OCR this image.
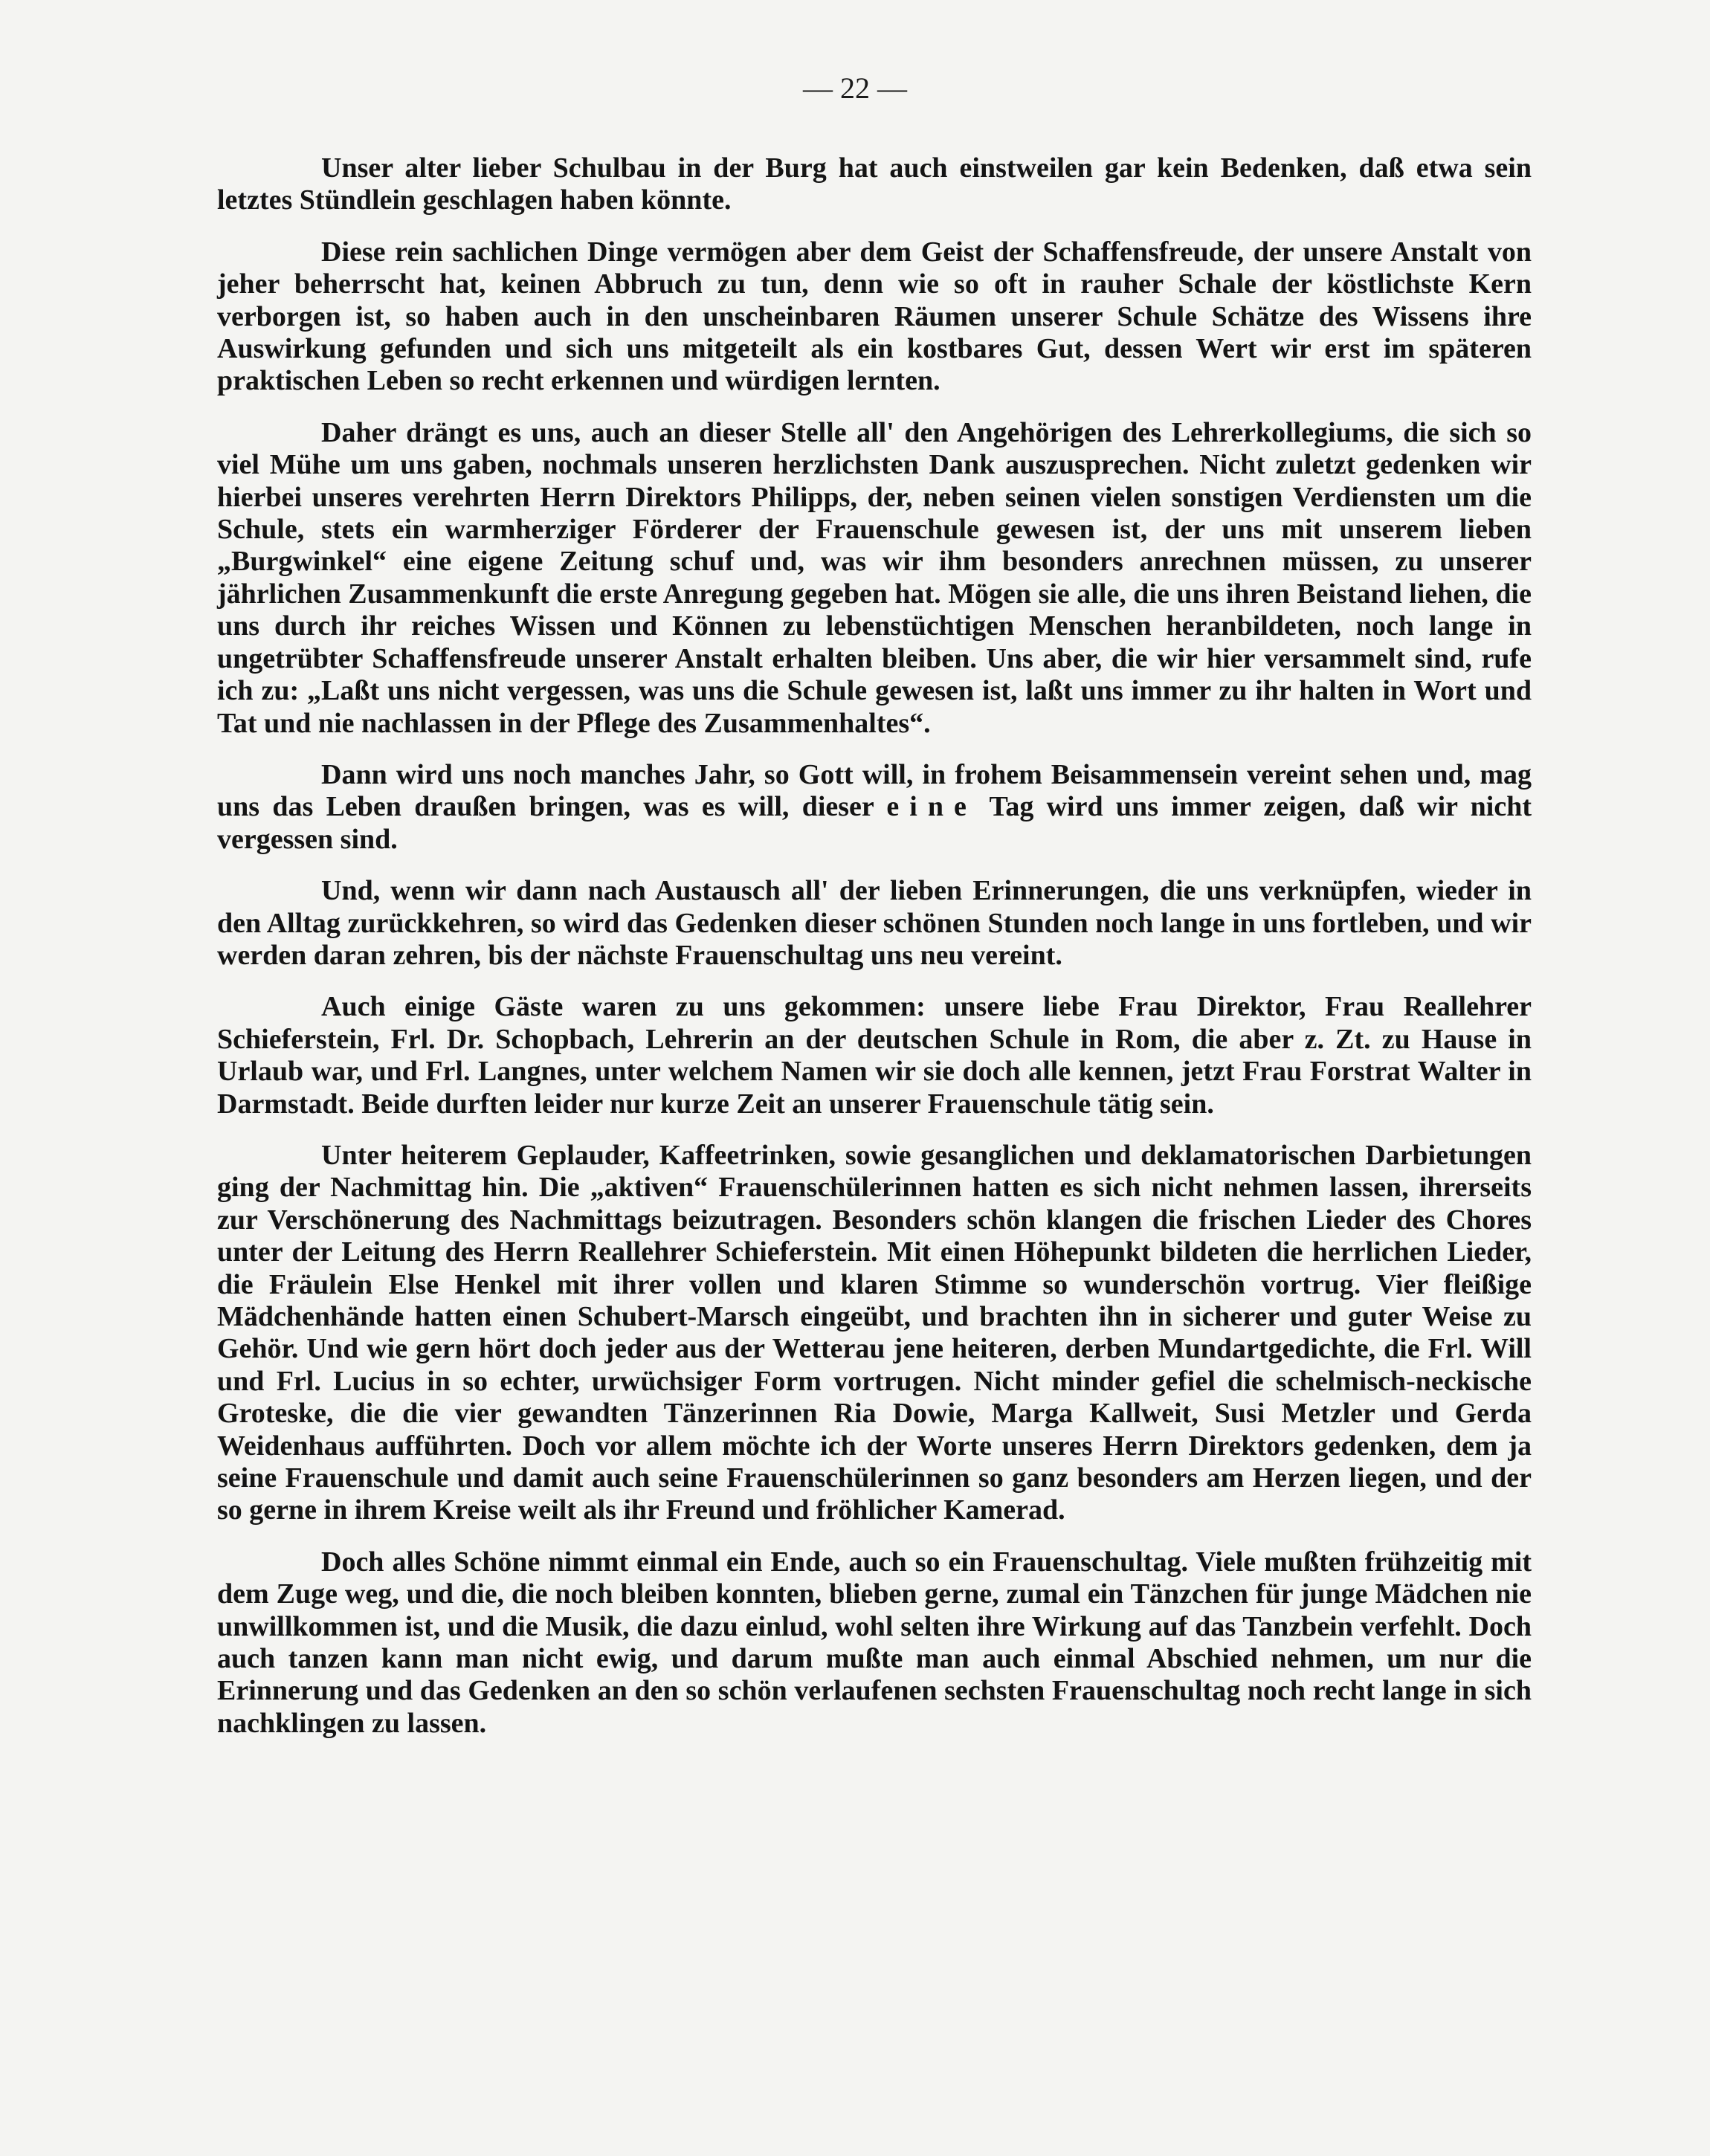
— 22 —

Unser alter lieber Schulbau in der Burg hat auch einstweilen gar kein Bedenken, daß etwa sein letztes Stündlein geschlagen haben könnte.

Diese rein sachlichen Dinge vermögen aber dem Geist der Schaffensfreude, der unsere Anstalt von jeher beherrscht hat, keinen Abbruch zu tun, denn wie so oft in rauher Schale der köstlichste Kern verborgen ist, so haben auch in den unscheinbaren Räumen unserer Schule Schätze des Wissens ihre Auswirkung gefunden und sich uns mitgeteilt als ein kostbares Gut, dessen Wert wir erst im späteren praktischen Leben so recht erkennen und würdigen lernten.

Daher drängt es uns, auch an dieser Stelle all' den Angehörigen des Lehrerkollegiums, die sich so viel Mühe um uns gaben, nochmals unseren herzlichsten Dank auszusprechen. Nicht zuletzt gedenken wir hierbei unseres verehrten Herrn Direktors Philipps, der, neben seinen vielen sonstigen Verdiensten um die Schule, stets ein warmherziger Förderer der Frauenschule gewesen ist, der uns mit unserem lieben „Burgwinkel“ eine eigene Zeitung schuf und, was wir ihm besonders anrechnen müssen, zu unserer jährlichen Zusammenkunft die erste Anregung gegeben hat. Mögen sie alle, die uns ihren Beistand liehen, die uns durch ihr reiches Wissen und Können zu lebenstüchtigen Menschen heranbildeten, noch lange in ungetrübter Schaffensfreude unserer Anstalt erhalten bleiben. Uns aber, die wir hier versammelt sind, rufe ich zu: „Laßt uns nicht vergessen, was uns die Schule gewesen ist, laßt uns immer zu ihr halten in Wort und Tat und nie nachlassen in der Pflege des Zusammenhaltes“.

Dann wird uns noch manches Jahr, so Gott will, in frohem Beisammensein vereint sehen und, mag uns das Leben draußen bringen, was es will, dieser eine Tag wird uns immer zeigen, daß wir nicht vergessen sind.

Und, wenn wir dann nach Austausch all' der lieben Erinnerungen, die uns verknüpfen, wieder in den Alltag zurückkehren, so wird das Gedenken dieser schönen Stunden noch lange in uns fortleben, und wir werden daran zehren, bis der nächste Frauenschultag uns neu vereint.

Auch einige Gäste waren zu uns gekommen: unsere liebe Frau Direktor, Frau Reallehrer Schieferstein, Frl. Dr. Schopbach, Lehrerin an der deutschen Schule in Rom, die aber z. Zt. zu Hause in Urlaub war, und Frl. Langnes, unter welchem Namen wir sie doch alle kennen, jetzt Frau Forstrat Walter in Darmstadt. Beide durften leider nur kurze Zeit an unserer Frauenschule tätig sein.

Unter heiterem Geplauder, Kaffeetrinken, sowie gesanglichen und deklamatorischen Darbietungen ging der Nachmittag hin. Die „aktiven“ Frauenschülerinnen hatten es sich nicht nehmen lassen, ihrerseits zur Verschönerung des Nachmittags beizutragen. Besonders schön klangen die frischen Lieder des Chores unter der Leitung des Herrn Reallehrer Schieferstein. Mit einen Höhepunkt bildeten die herrlichen Lieder, die Fräulein Else Henkel mit ihrer vollen und klaren Stimme so wunderschön vortrug. Vier fleißige Mädchenhände hatten einen Schubert-Marsch eingeübt, und brachten ihn in sicherer und guter Weise zu Gehör. Und wie gern hört doch jeder aus der Wetterau jene heiteren, derben Mundartgedichte, die Frl. Will und Frl. Lucius in so echter, urwüchsiger Form vortrugen. Nicht minder gefiel die schelmisch-neckische Groteske, die die vier gewandten Tänzerinnen Ria Dowie, Marga Kallweit, Susi Metzler und Gerda Weidenhaus aufführten. Doch vor allem möchte ich der Worte unseres Herrn Direktors gedenken, dem ja seine Frauenschule und damit auch seine Frauenschülerinnen so ganz besonders am Herzen liegen, und der so gerne in ihrem Kreise weilt als ihr Freund und fröhlicher Kamerad.

Doch alles Schöne nimmt einmal ein Ende, auch so ein Frauenschultag. Viele mußten frühzeitig mit dem Zuge weg, und die, die noch bleiben konnten, blieben gerne, zumal ein Tänzchen für junge Mädchen nie unwillkommen ist, und die Musik, die dazu einlud, wohl selten ihre Wirkung auf das Tanzbein verfehlt. Doch auch tanzen kann man nicht ewig, und darum mußte man auch einmal Abschied nehmen, um nur die Erinnerung und das Gedenken an den so schön verlaufenen sechsten Frauenschultag noch recht lange in sich nachklingen zu lassen.
